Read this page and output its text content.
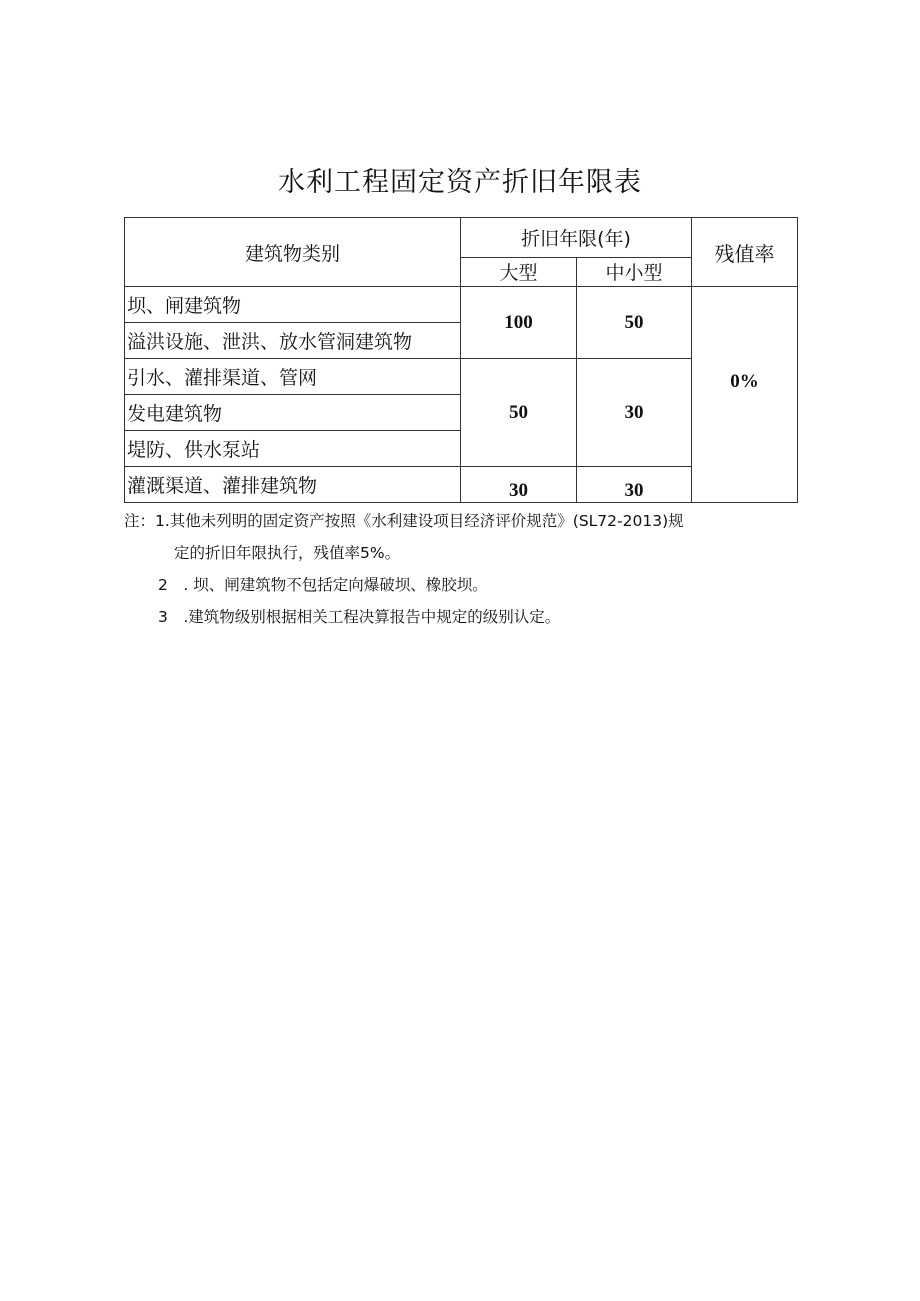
水利工程固定资产折旧年限表
建筑物类别	折旧年限(年)		残值率
	大型	中小型	
坝、闸建筑物	100	50	0%
溢洪设施、泄洪、放水管洞建筑物			
引水、灌排渠道、管网	50	30	
发电建筑物			
堤防、供水泵站			
灌溉渠道、灌排建筑物	30	30	
注：1.其他未列明的固定资产按照《水利建设项目经济评价规范》(SL72-2013)规
定的折旧年限执行，残值率5%。
2　. 坝、闸建筑物不包括定向爆破坝、橡胶坝。
3　.建筑物级别根据相关工程决算报告中规定的级别认定。
